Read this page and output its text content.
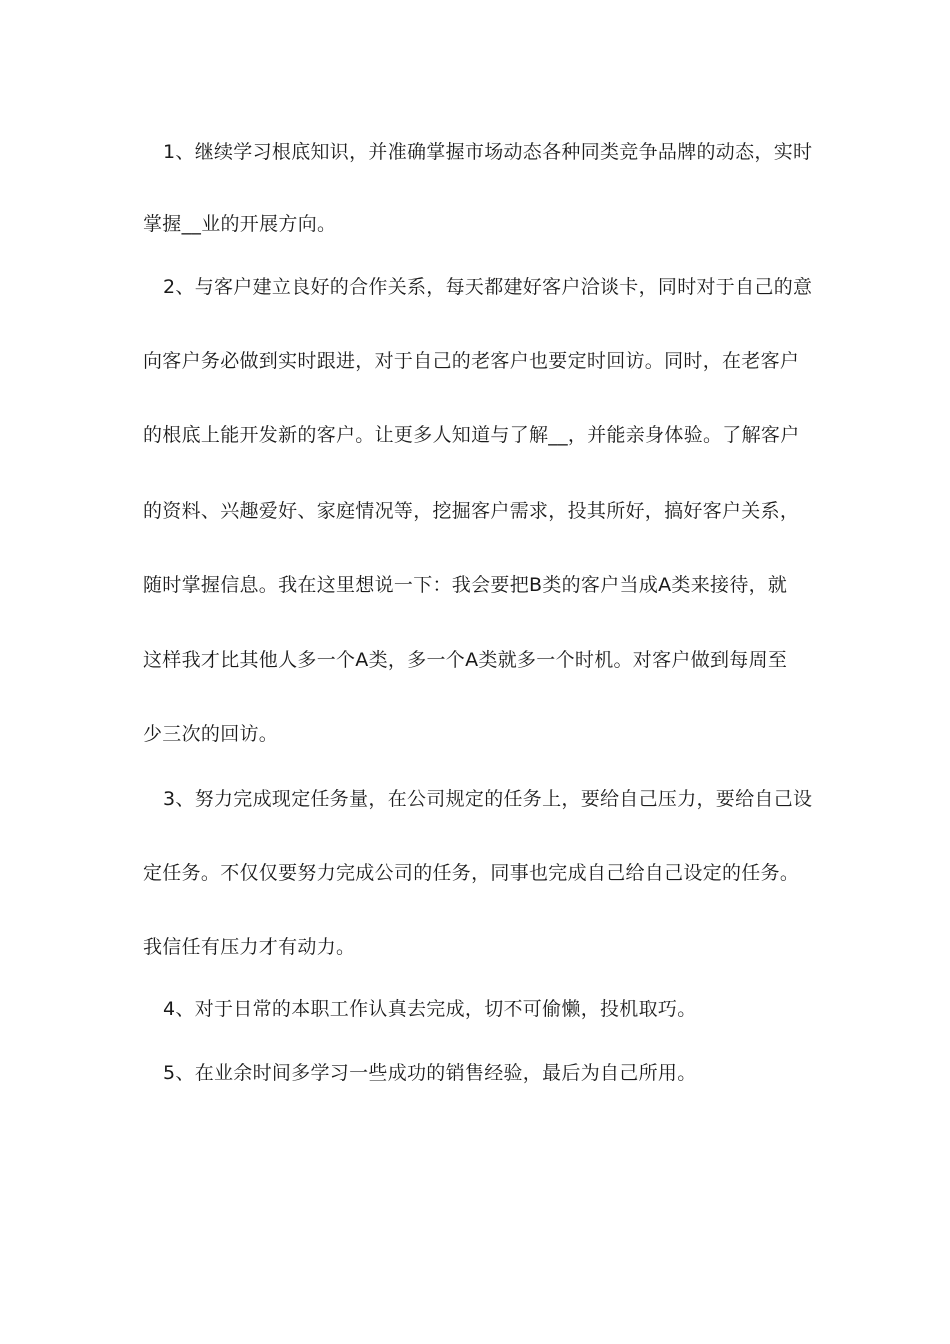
1、继续学习根底知识，并准确掌握市场动态各种同类竞争品牌的动态，实时
掌握__业的开展方向。
2、与客户建立良好的合作关系，每天都建好客户洽谈卡，同时对于自己的意
向客户务必做到实时跟进，对于自己的老客户也要定时回访。同时，在老客户
的根底上能开发新的客户。让更多人知道与了解__，并能亲身体验。了解客户
的资料、兴趣爱好、家庭情况等，挖掘客户需求，投其所好，搞好客户关系，
随时掌握信息。我在这里想说一下：我会要把B类的客户当成A类来接待，就
这样我才比其他人多一个A类，多一个A类就多一个时机。对客户做到每周至
少三次的回访。
3、努力完成现定任务量，在公司规定的任务上，要给自己压力，要给自己设
定任务。不仅仅要努力完成公司的任务，同事也完成自己给自己设定的任务。
我信任有压力才有动力。
4、对于日常的本职工作认真去完成，切不可偷懒，投机取巧。
5、在业余时间多学习一些成功的销售经验，最后为自己所用。
